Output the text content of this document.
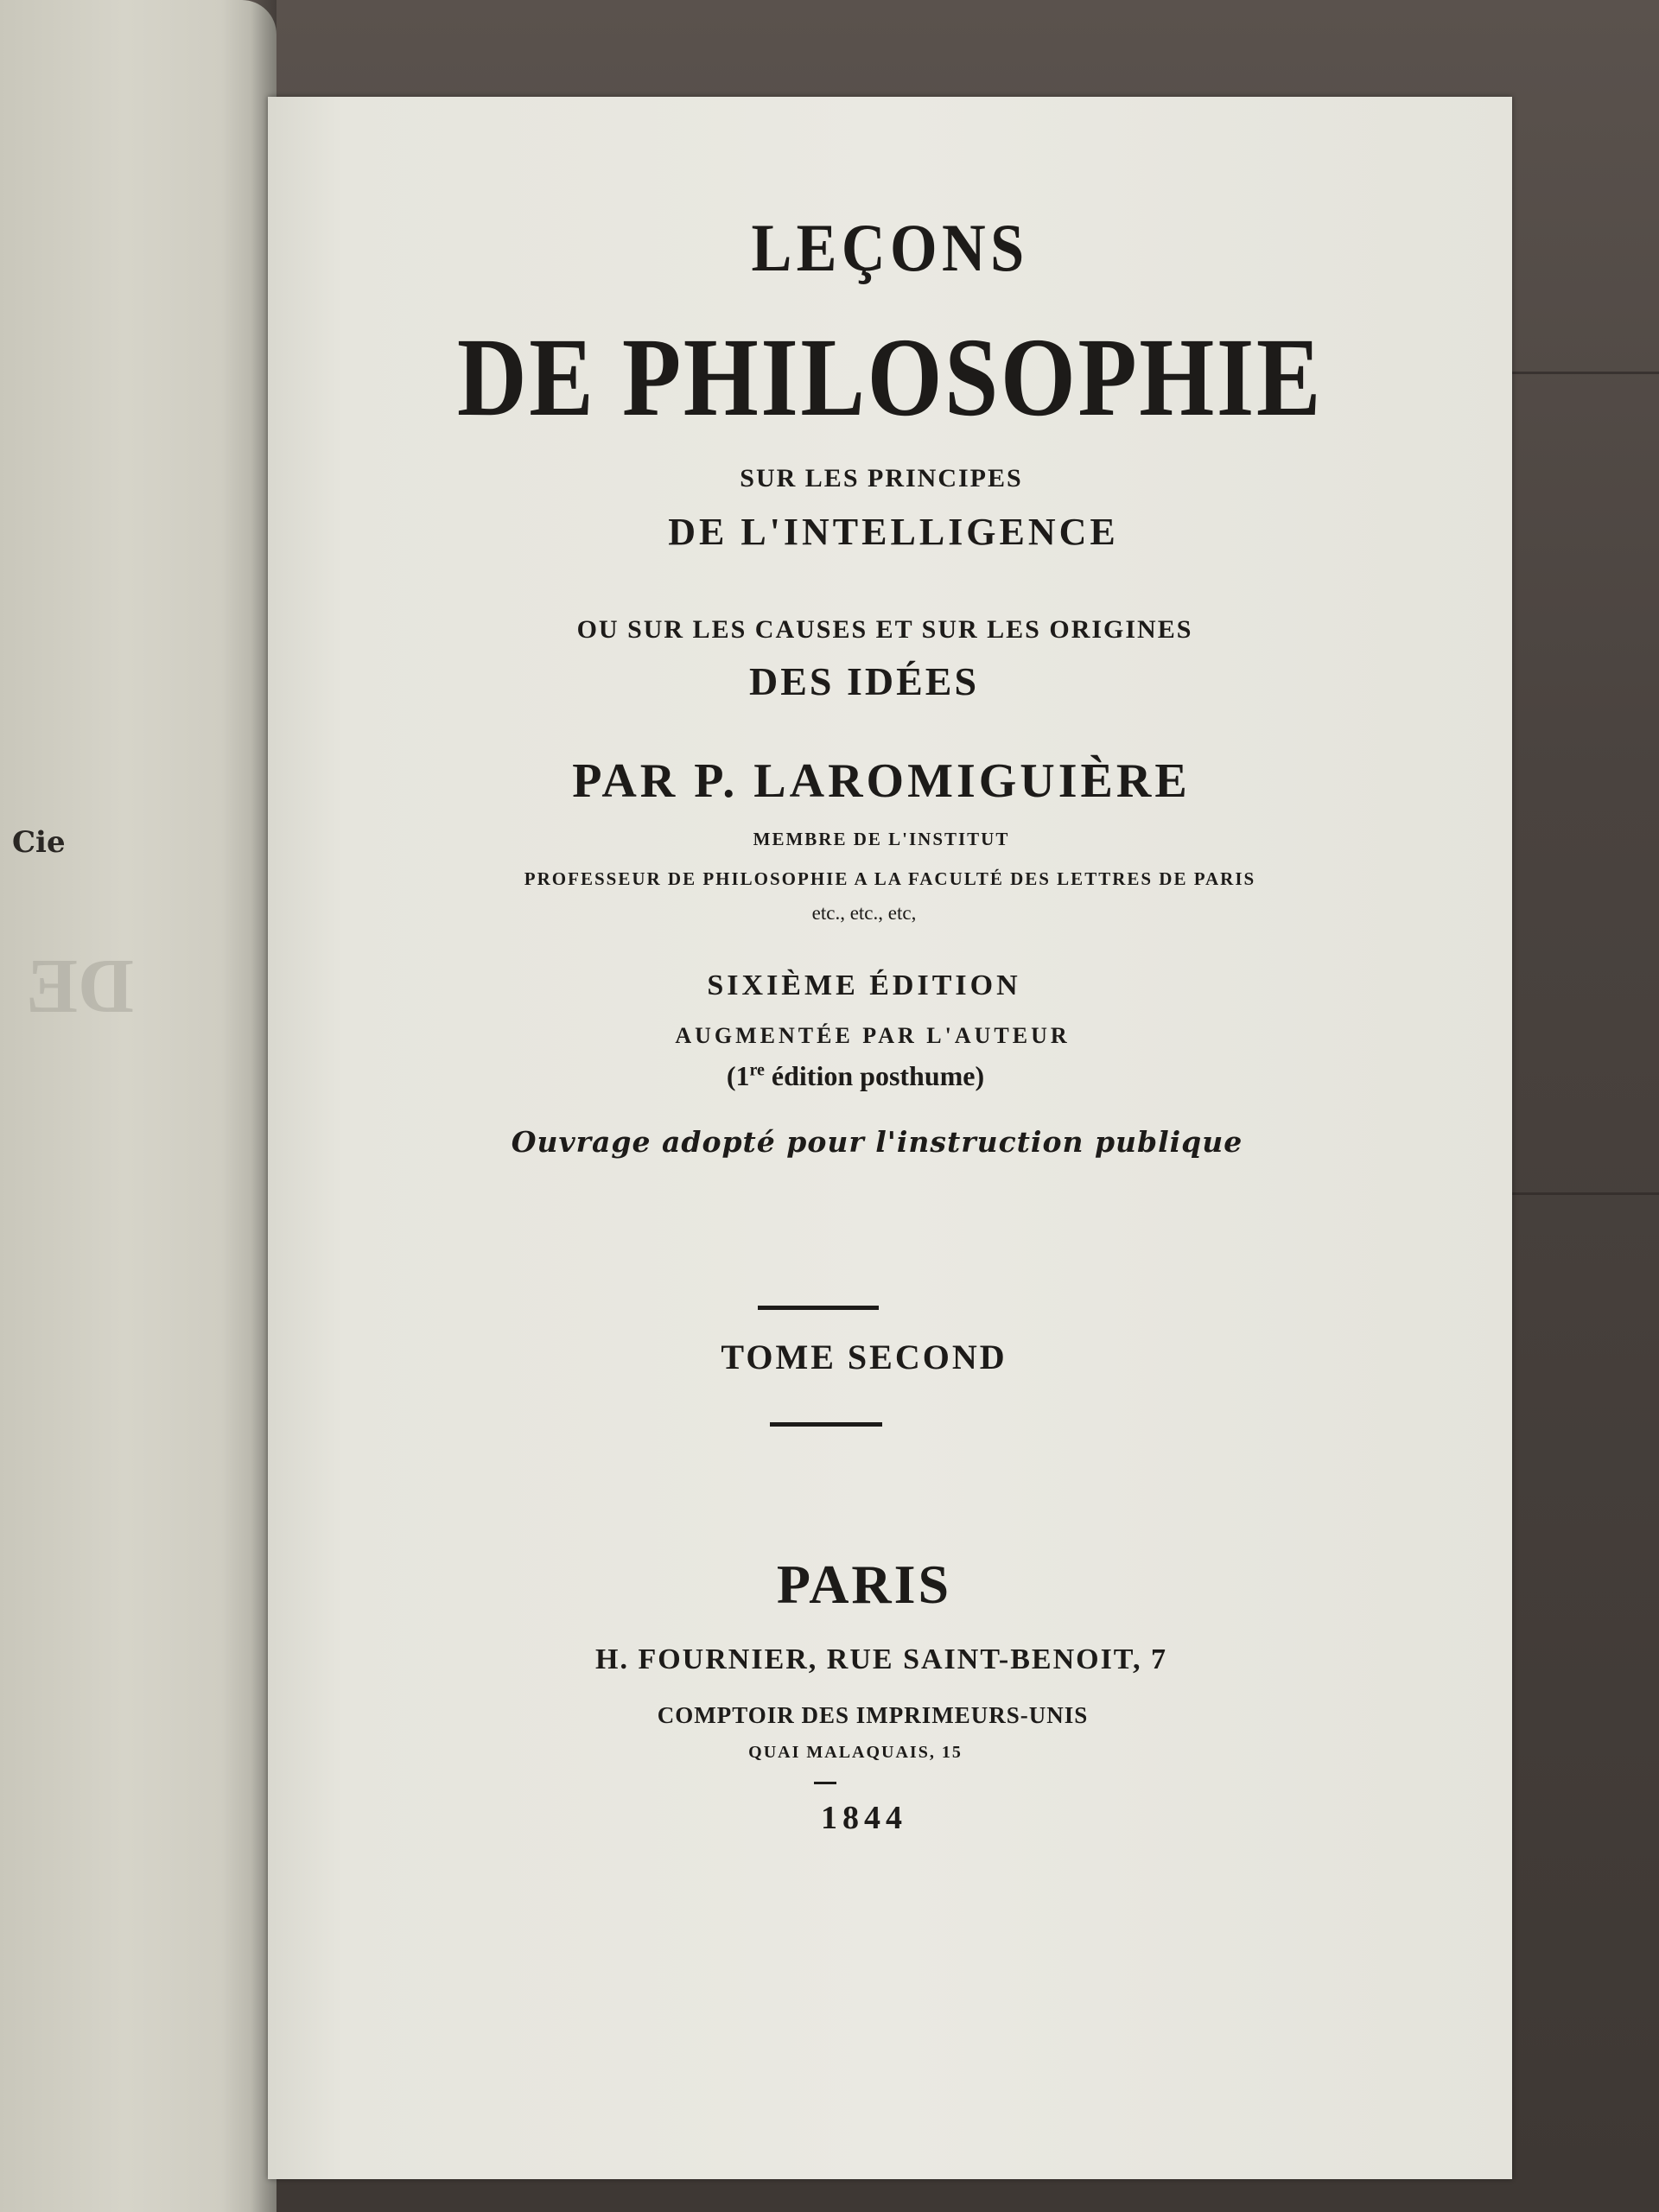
Cie
DE
LEÇONS
DE PHILOSOPHIE
SUR LES PRINCIPES
DE L'INTELLIGENCE
OU SUR LES CAUSES ET SUR LES ORIGINES
DES IDÉES
PAR P. LAROMIGUIÈRE
MEMBRE DE L'INSTITUT
PROFESSEUR DE PHILOSOPHIE A LA FACULTÉ DES LETTRES DE PARIS
etc., etc., etc,
SIXIÈME ÉDITION
AUGMENTÉE PAR L'AUTEUR
(1re édition posthume)
Ouvrage adopté pour l'instruction publique
TOME SECOND
PARIS
H. FOURNIER, RUE SAINT-BENOIT, 7
COMPTOIR DES IMPRIMEURS-UNIS
QUAI MALAQUAIS, 15
1844
